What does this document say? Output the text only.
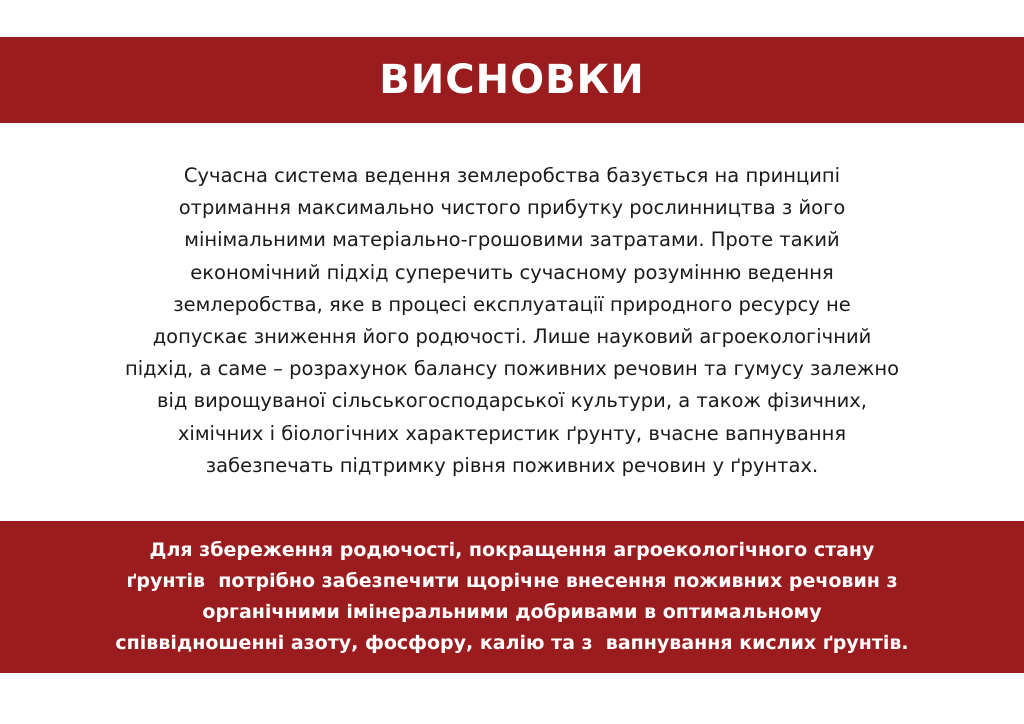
ВИСНОВКИ
Сучасна система ведення землеробства базується на принципі
отримання максимально чистого прибутку рослинництва з його
мінімальними матеріально-грошовими затратами. Проте такий
економічний підхід суперечить сучасному розумінню ведення
землеробства, яке в процесі експлуатації природного ресурсу не
допускає зниження його родючості. Лише науковий агроекологічний
підхід, а саме – розрахунок балансу поживних речовин та гумусу залежно
від вирощуваної сільськогосподарської культури, а також фізичних,
хімічних і біологічних характеристик ґрунту, вчасне вапнування
забезпечать підтримку рівня поживних речовин у ґрунтах.
Для збереження родючості, покращення агроекологічного стану
ґрунтів  потрібно забезпечити щорічне внесення поживних речовин з
органічними імінеральними добривами в оптимальному
співвідношенні азоту, фосфору, калію та з  вапнування кислих ґрунтів.
